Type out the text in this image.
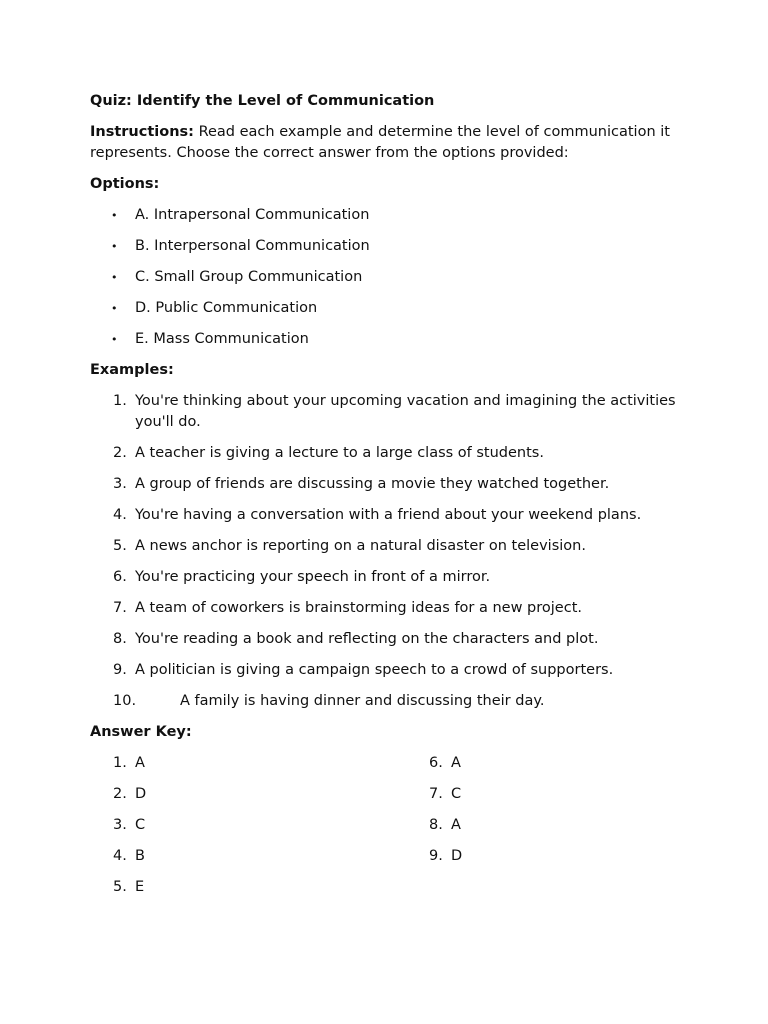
Quiz: Identify the Level of Communication

Instructions: Read each example and determine the level of communication it represents. Choose the correct answer from the options provided:

Options:

• A. Intrapersonal Communication
• B. Interpersonal Communication
• C. Small Group Communication
• D. Public Communication
• E. Mass Communication

Examples:

1. You're thinking about your upcoming vacation and imagining the activities you'll do.
2. A teacher is giving a lecture to a large class of students.
3. A group of friends are discussing a movie they watched together.
4. You're having a conversation with a friend about your weekend plans.
5. A news anchor is reporting on a natural disaster on television.
6. You're practicing your speech in front of a mirror.
7. A team of coworkers is brainstorming ideas for a new project.
8. You're reading a book and reflecting on the characters and plot.
9. A politician is giving a campaign speech to a crowd of supporters.
10.	A family is having dinner and discussing their day.

Answer Key:

1. A
2. D
3. C
4. B
5. E
6. A
7. C
8. A
9. D
